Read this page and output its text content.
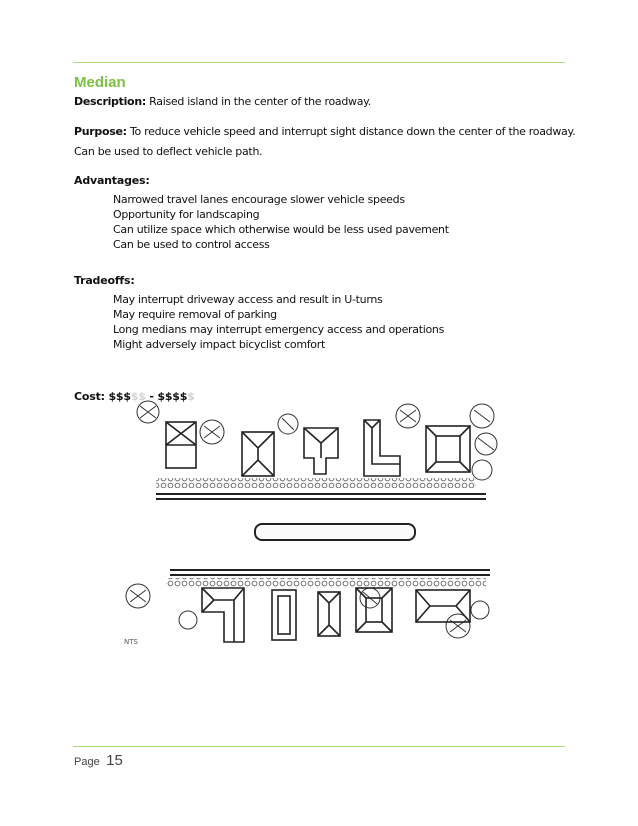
Median
Description: Raised island in the center of the roadway.
Purpose: To reduce vehicle speed and interrupt sight distance down the center of the roadway.
Can be used to deflect vehicle path.
Advantages:
Narrowed travel lanes encourage slower vehicle speeds
Opportunity for landscaping
Can utilize space which otherwise would be less used pavement
Can be used to control access
Tradeoffs:
May interrupt driveway access and result in U-turns
May require removal of parking
Long medians may interrupt emergency access and operations
Might adversely impact bicyclist comfort
Cost: $$$$$ - $$$$$
NTS
Page 15
